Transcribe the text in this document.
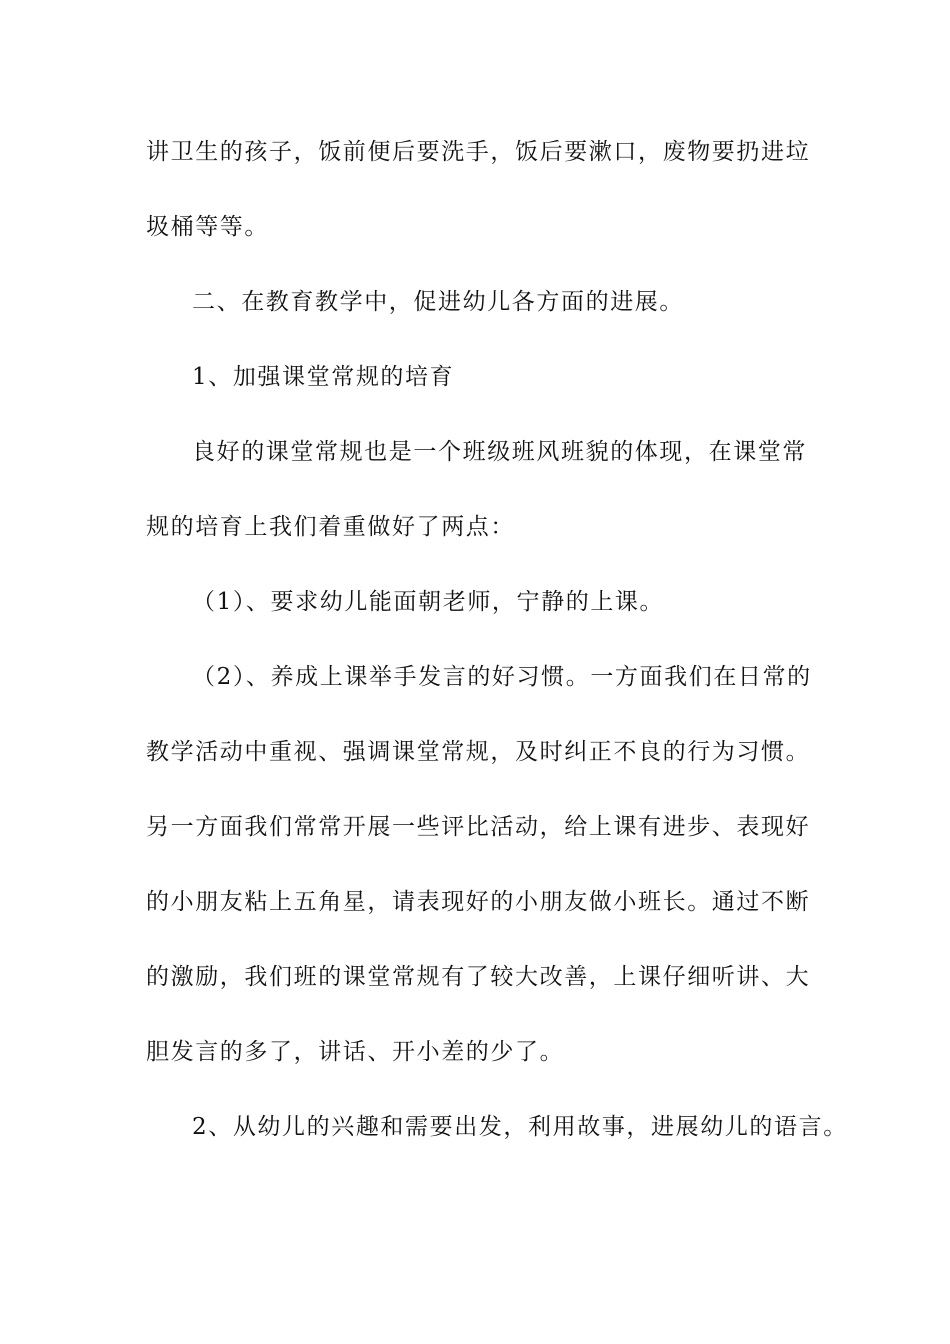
讲卫生的孩子，饭前便后要洗手，饭后要漱口，废物要扔进垃
圾桶等等。
二、在教育教学中，促进幼儿各方面的进展。
1、加强课堂常规的培育
良好的课堂常规也是一个班级班风班貌的体现，在课堂常
规的培育上我们着重做好了两点：
（1）、要求幼儿能面朝老师，宁静的上课。
（2）、养成上课举手发言的好习惯。一方面我们在日常的
教学活动中重视、强调课堂常规，及时纠正不良的行为习惯。
另一方面我们常常开展一些评比活动，给上课有进步、表现好
的小朋友粘上五角星，请表现好的小朋友做小班长。通过不断
的激励，我们班的课堂常规有了较大改善，上课仔细听讲、大
胆发言的多了，讲话、开小差的少了。
2、从幼儿的兴趣和需要出发，利用故事，进展幼儿的语言。
